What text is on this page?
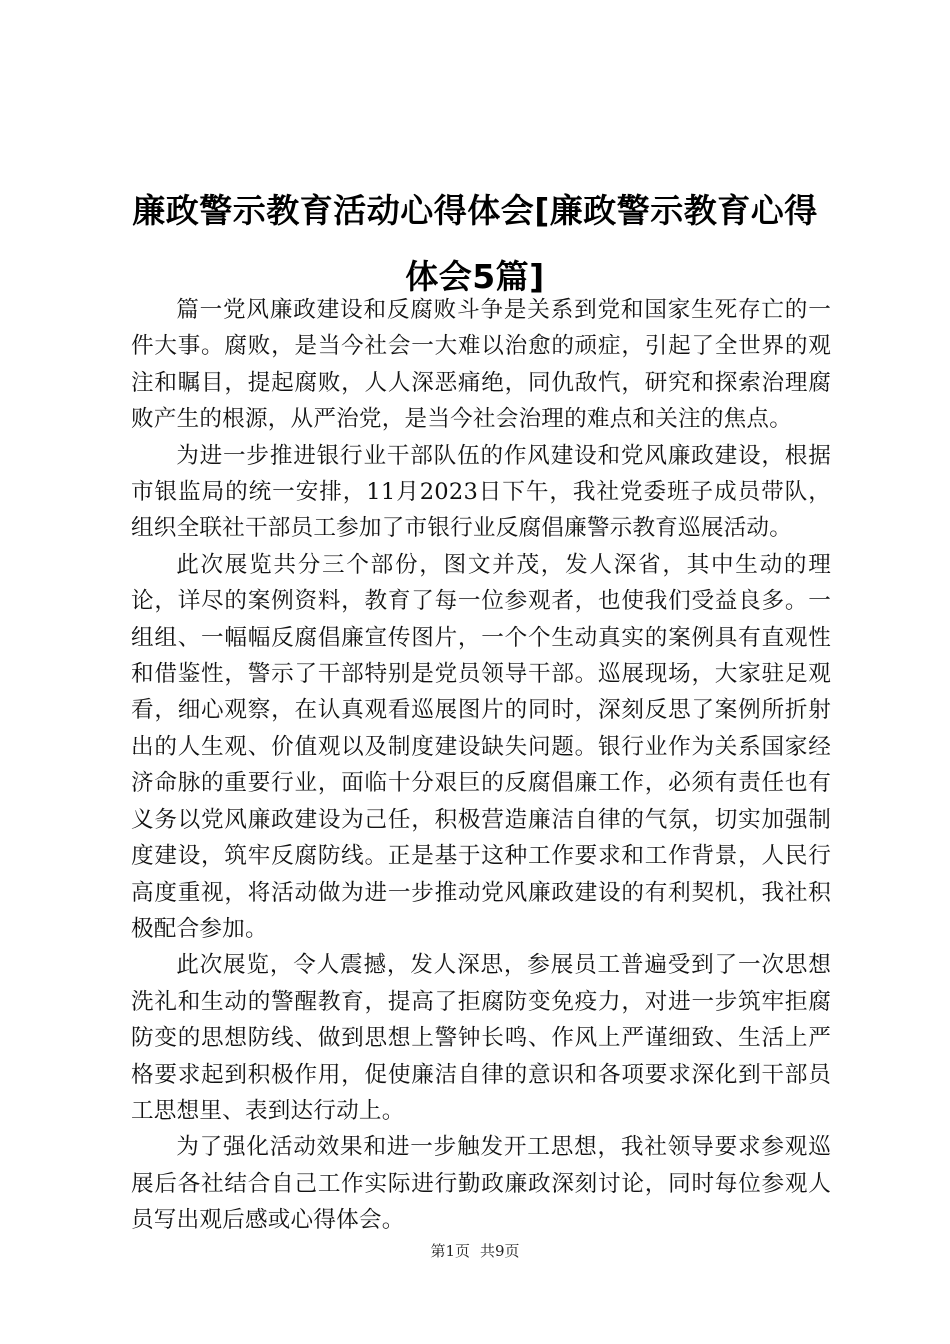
廉政警示教育活动心得体会[廉政警示教育心得体会5篇]

篇一党风廉政建设和反腐败斗争是关系到党和国家生死存亡的一件大事。腐败，是当今社会一大难以治愈的顽症，引起了全世界的观注和瞩目，提起腐败，人人深恶痛绝，同仇敌忾，研究和探索治理腐败产生的根源，从严治党，是当今社会治理的难点和关注的焦点。

为进一步推进银行业干部队伍的作风建设和党风廉政建设，根据市银监局的统一安排，11月2023日下午，我社党委班子成员带队，组织全联社干部员工参加了市银行业反腐倡廉警示教育巡展活动。

此次展览共分三个部份，图文并茂，发人深省，其中生动的理论，详尽的案例资料，教育了每一位参观者，也使我们受益良多。一组组、一幅幅反腐倡廉宣传图片，一个个生动真实的案例具有直观性和借鉴性，警示了干部特别是党员领导干部。巡展现场，大家驻足观看，细心观察，在认真观看巡展图片的同时，深刻反思了案例所折射出的人生观、价值观以及制度建设缺失问题。银行业作为关系国家经济命脉的重要行业，面临十分艰巨的反腐倡廉工作，必须有责任也有义务以党风廉政建设为己任，积极营造廉洁自律的气氛，切实加强制度建设，筑牢反腐防线。正是基于这种工作要求和工作背景，人民行高度重视，将活动做为进一步推动党风廉政建设的有利契机，我社积极配合参加。

此次展览，令人震撼，发人深思，参展员工普遍受到了一次思想洗礼和生动的警醒教育，提高了拒腐防变免疫力，对进一步筑牢拒腐防变的思想防线、做到思想上警钟长鸣、作风上严谨细致、生活上严格要求起到积极作用，促使廉洁自律的意识和各项要求深化到干部员工思想里、表到达行动上。

为了强化活动效果和进一步触发开工思想，我社领导要求参观巡展后各社结合自己工作实际进行勤政廉政深刻讨论，同时每位参观人员写出观后感或心得体会。

第1页 共9页
